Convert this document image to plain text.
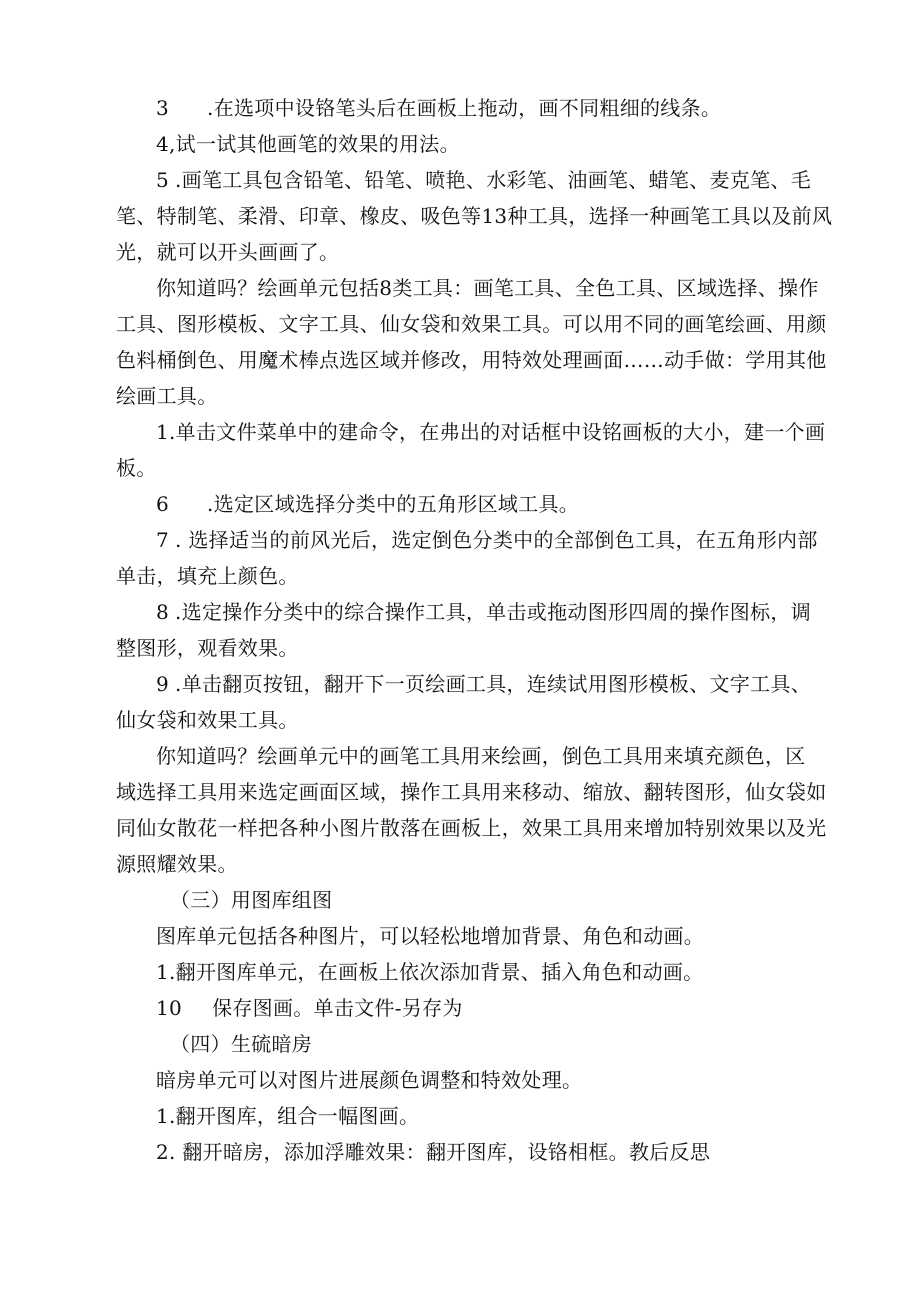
3 .在选项中设铬笔头后在画板上拖动，画不同粗细的线条。
4,试一试其他画笔的效果的用法。
5 .画笔工具包含铅笔、铅笔、喷艳、水彩笔、油画笔、蜡笔、麦克笔、毛
笔、特制笔、柔滑、印章、橡皮、吸色等13种工具，选择一种画笔工具以及前风
光，就可以开头画画了。
你知道吗？绘画单元包括8类工具：画笔工具、全色工具、区域选择、操作
工具、图形模板、文字工具、仙女袋和效果工具。可以用不同的画笔绘画、用颜
色料桶倒色、用魔术棒点选区域并修改，用特效处理画面……动手做：学用其他
绘画工具。
1.单击文件菜单中的建命令，在弗出的对话框中设铭画板的大小，建一个画
板。
6 .选定区域选择分类中的五角形区域工具。
7 . 选择适当的前风光后，选定倒色分类中的全部倒色工具，在五角形内部
单击，填充上颜色。
8 .选定操作分类中的综合操作工具，单击或拖动图形四周的操作图标，调
整图形，观看效果。
9 .单击翻页按钮，翻开下一页绘画工具，连续试用图形模板、文字工具、
仙女袋和效果工具。
你知道吗？绘画单元中的画笔工具用来绘画，倒色工具用来填充颜色，区
域选择工具用来选定画面区域，操作工具用来移动、缩放、翻转图形，仙女袋如
同仙女散花一样把各种小图片散落在画板上，效果工具用来增加特别效果以及光
源照耀效果。
（三）用图库组图
图库单元包括各种图片，可以轻松地增加背景、角色和动画。
1.翻开图库单元，在画板上依次添加背景、插入角色和动画。
10 保存图画。单击文件-另存为
（四）生硫暗房
暗房单元可以对图片进展颜色调整和特效处理。
1.翻开图库，组合一幅图画。
2. 翻开暗房，添加浮雕效果：翻开图库，设铬相框。教后反思
